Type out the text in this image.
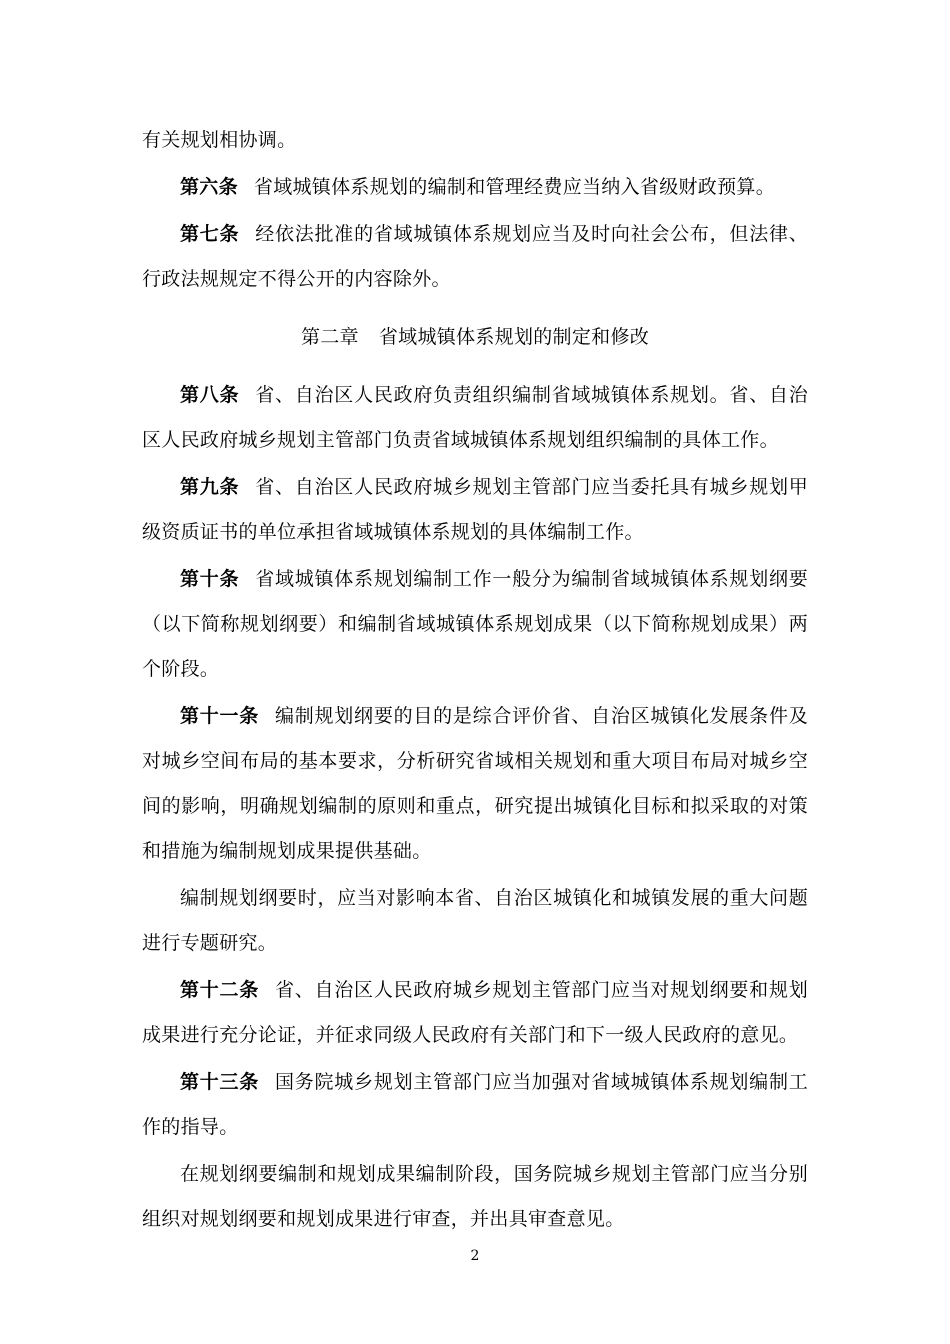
有关规划相协调。

第六条 省域城镇体系规划的编制和管理经费应当纳入省级财政预算。

第七条 经依法批准的省域城镇体系规划应当及时向社会公布，但法律、行政法规规定不得公开的内容除外。

第二章 省域城镇体系规划的制定和修改

第八条 省、自治区人民政府负责组织编制省域城镇体系规划。省、自治区人民政府城乡规划主管部门负责省域城镇体系规划组织编制的具体工作。

第九条 省、自治区人民政府城乡规划主管部门应当委托具有城乡规划甲级资质证书的单位承担省域城镇体系规划的具体编制工作。

第十条 省域城镇体系规划编制工作一般分为编制省域城镇体系规划纲要（以下简称规划纲要）和编制省域城镇体系规划成果（以下简称规划成果）两个阶段。

第十一条 编制规划纲要的目的是综合评价省、自治区城镇化发展条件及对城乡空间布局的基本要求，分析研究省域相关规划和重大项目布局对城乡空间的影响，明确规划编制的原则和重点，研究提出城镇化目标和拟采取的对策和措施为编制规划成果提供基础。

编制规划纲要时，应当对影响本省、自治区城镇化和城镇发展的重大问题进行专题研究。

第十二条 省、自治区人民政府城乡规划主管部门应当对规划纲要和规划成果进行充分论证，并征求同级人民政府有关部门和下一级人民政府的意见。

第十三条 国务院城乡规划主管部门应当加强对省域城镇体系规划编制工作的指导。

在规划纲要编制和规划成果编制阶段，国务院城乡规划主管部门应当分别组织对规划纲要和规划成果进行审查，并出具审查意见。

2
